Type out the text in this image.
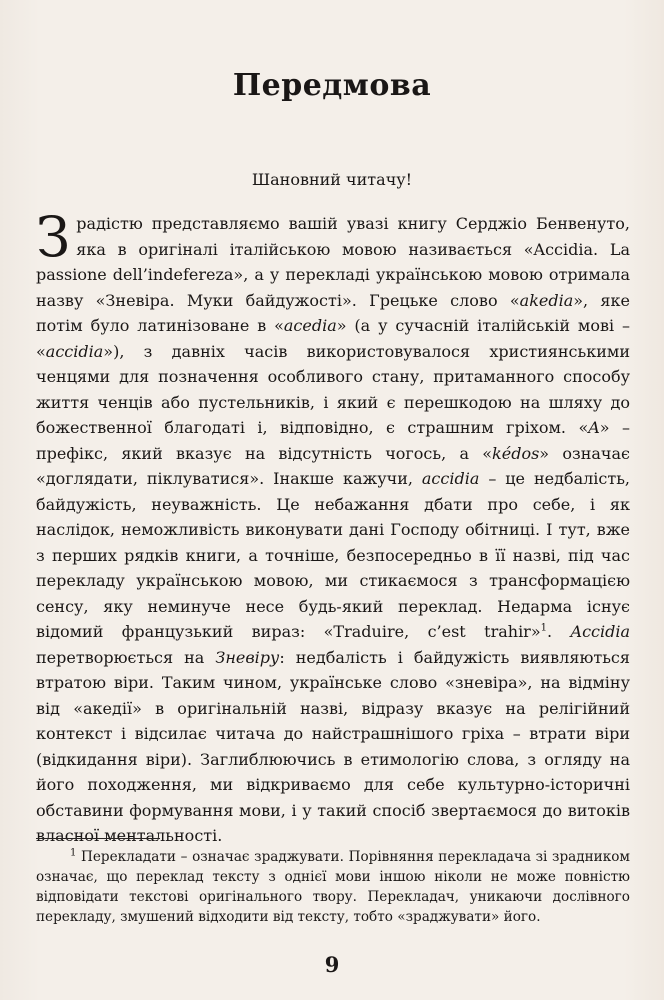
Передмова

Шановний читачу!

З радістю представляємо вашій увазі книгу Серджіо Бенвенуто, яка в оригіналі італійською мовою називається «Accidia. La passione dell’indefereza», а у перекладі українською мовою отримала назву «Зневіра. Муки байдужості». Грецьке слово «akedia», яке потім було латинізоване в «acedia» (а у сучасній італійській мові – «accidia»), з давніх часів використовувалося християнськими ченцями для позначення особливого стану, притаманного способу життя ченців або пустельників, і який є перешкодою на шляху до божественної благодаті і, відповідно, є страшним гріхом. «A» – префікс, який вказує на відсутність чогось, а «kédos» означає «доглядати, піклуватися». Інакше кажучи, accidia – це недбалість, байдужість, неуважність. Це небажання дбати про себе, і як наслідок, неможливість виконувати дані Господу обітниці. І тут, вже з перших рядків книги, а точніше, безпосередньо в її назві, під час перекладу українською мовою, ми стикаємося з трансформацією сенсу, яку неминуче несе будь-який переклад. Недарма існує відомий французький вираз: «Traduire, c’est trahir»$^1$. Accidia перетворюється на Зневіру: недбалість і байдужість виявляються втратою віри. Таким чином, українське слово «зневіра», на відміну від «акедії» в оригінальній назві, відразу вказує на релігійний контекст і відсилає читача до найстрашнішого гріха – втрати віри (відкидання віри). Заглиблюючись в етимологію слова, з огляду на його походження, ми відкриваємо для себе культурно-історичні обставини формування мови, і у такий спосіб звертаємося до витоків власної ментальності.

$^1$ Перекладати – означає зраджувати. Порівняння перекладача зі зрадником означає, що переклад тексту з однієї мови іншою ніколи не може повністю відповідати текстові оригінального твору. Перекладач, уникаючи дослівного перекладу, змушений відходити від тексту, тобто «зраджувати» його.

9
